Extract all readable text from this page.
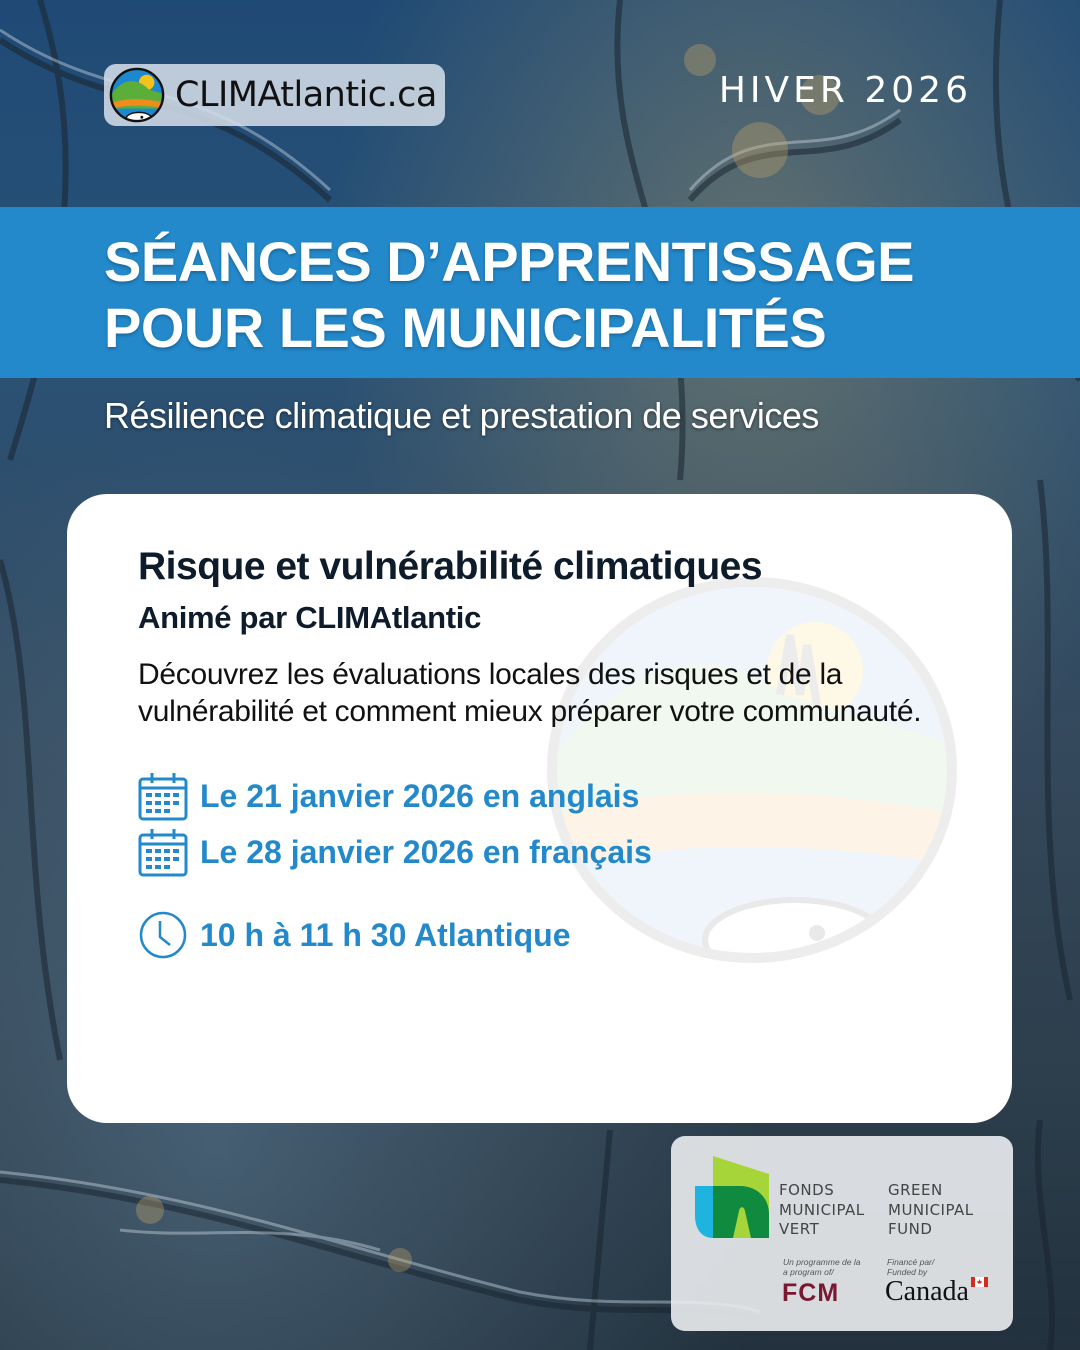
CLIMAtlantic.ca	HIVER 2026
SÉANCES D’APPRENTISSAGE
POUR LES MUNICIPALITÉS
Résilience climatique et prestation de services
Risque et vulnérabilité climatiques
Animé par CLIMAtlantic
Découvrez les évaluations locales des risques et de la vulnérabilité et comment mieux préparer votre communauté.
Le 21 janvier 2026 en anglais
Le 28 janvier 2026 en français
10 h à 11 h 30 Atlantique
FONDS
MUNICIPAL
VERT
GREEN
MUNICIPAL
FUND
Un programme de la
a program of/
Financé par/
Funded by
FCM Canada
